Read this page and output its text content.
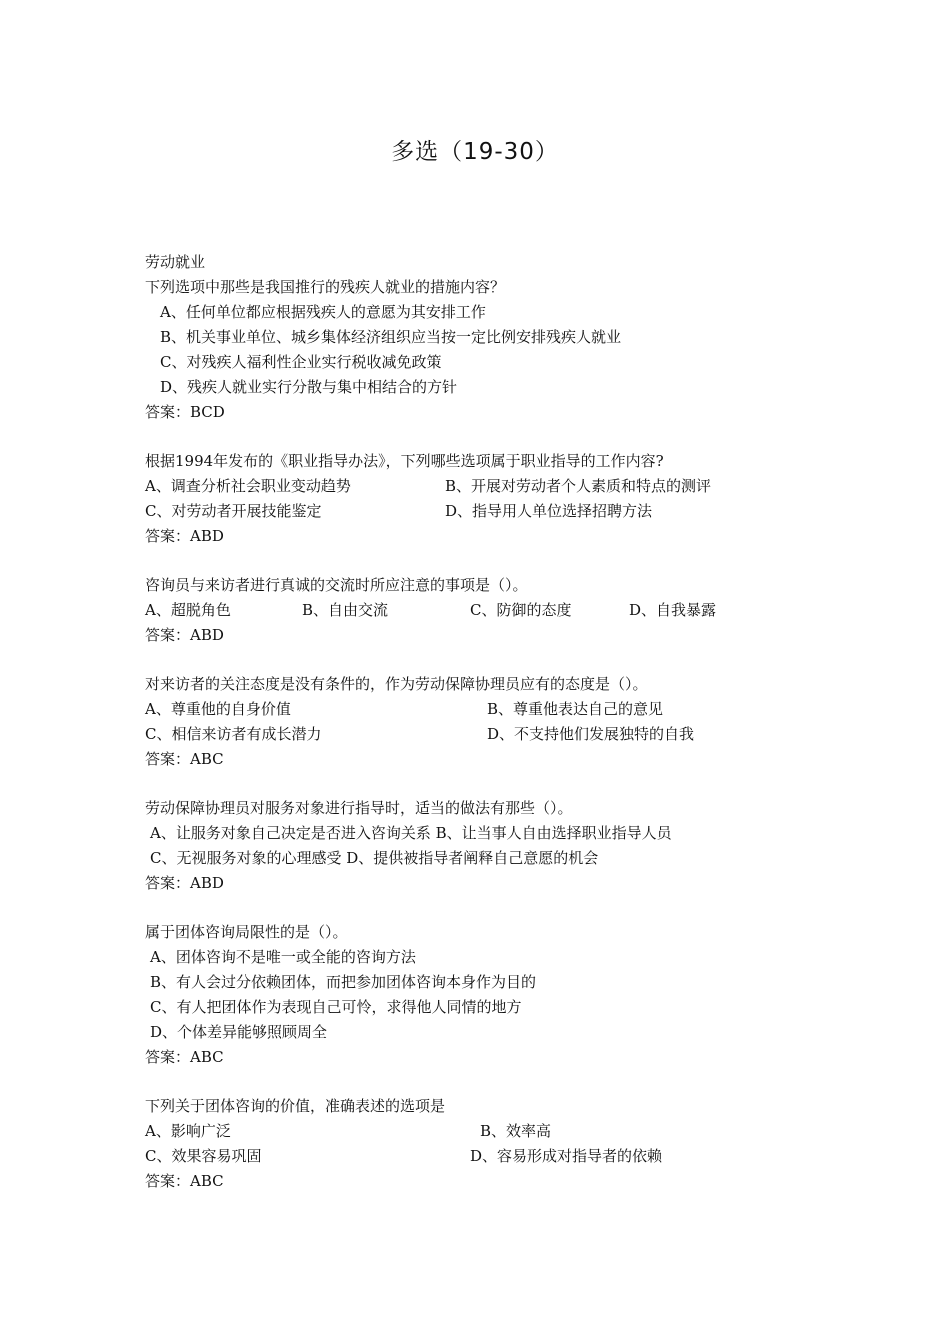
多选（19-30）
劳动就业
下列选项中那些是我国推行的残疾人就业的措施内容？
A、任何单位都应根据残疾人的意愿为其安排工作
B、机关事业单位、城乡集体经济组织应当按一定比例安排残疾人就业
C、对残疾人福利性企业实行税收减免政策
D、残疾人就业实行分散与集中相结合的方针
答案：BCD
根据1994年发布的《职业指导办法》，下列哪些选项属于职业指导的工作内容?
A、调查分析社会职业变动趋势	B、开展对劳动者个人素质和特点的测评
C、对劳动者开展技能鉴定	D、指导用人单位选择招聘方法
答案：ABD
咨询员与来访者进行真诚的交流时所应注意的事项是（）。
A、超脱角色	B、自由交流	C、防御的态度	D、自我暴露
答案：ABD
对来访者的关注态度是没有条件的，作为劳动保障协理员应有的态度是（）。
A、尊重他的自身价值	B、尊重他表达自己的意见
C、相信来访者有成长潜力	D、不支持他们发展独特的自我
答案：ABC
劳动保障协理员对服务对象进行指导时，适当的做法有那些（）。
A、让服务对象自己决定是否进入咨询关系 B、让当事人自由选择职业指导人员
C、无视服务对象的心理感受 D、提供被指导者阐释自己意愿的机会
答案：ABD
属于团体咨询局限性的是（）。
A、团体咨询不是唯一或全能的咨询方法
B、有人会过分依赖团体，而把参加团体咨询本身作为目的
C、有人把团体作为表现自己可怜，求得他人同情的地方
D、个体差异能够照顾周全
答案：ABC
下列关于团体咨询的价值，准确表述的选项是
A、影响广泛	B、效率高
C、效果容易巩固	D、容易形成对指导者的依赖
答案：ABC
